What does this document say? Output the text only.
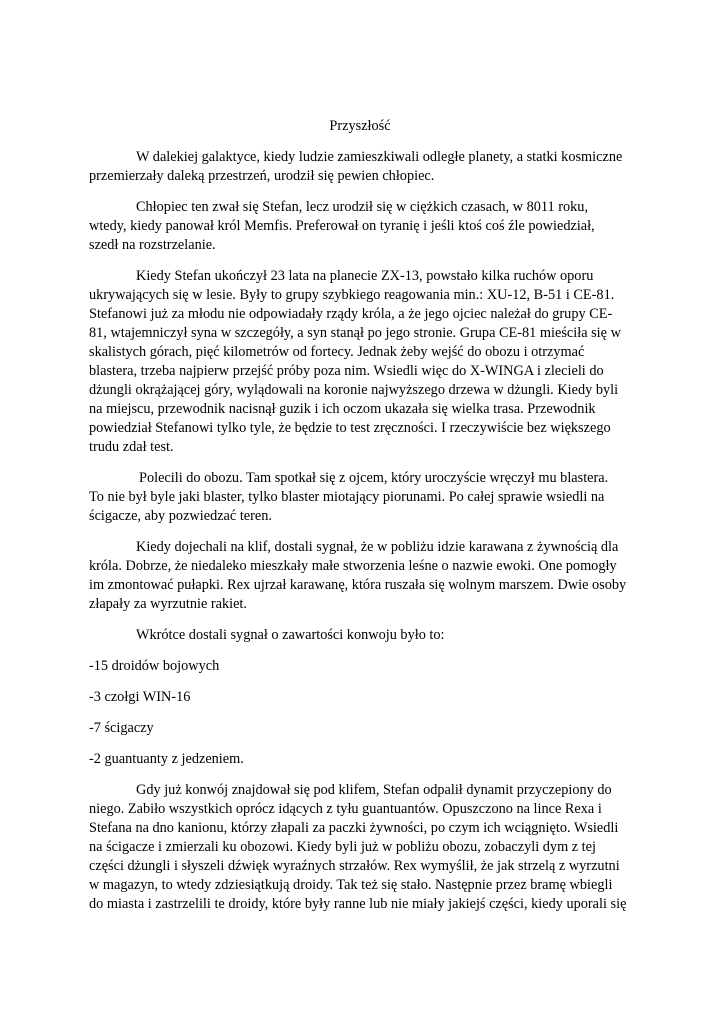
Przyszłość

W dalekiej galaktyce, kiedy ludzie zamieszkiwali odległe planety, a statki kosmiczne
przemierzały daleką przestrzeń, urodził się pewien chłopiec.

Chłopiec ten zwał się Stefan, lecz urodził się w ciężkich czasach, w 8011 roku,
wtedy, kiedy panował król Memfis. Preferował on tyranię i jeśli ktoś coś źle powiedział,
szedł na rozstrzelanie.

Kiedy Stefan ukończył 23 lata na planecie ZX-13, powstało kilka ruchów oporu
ukrywających się w lesie. Były to grupy szybkiego reagowania min.: XU-12, B-51 i CE-81.
Stefanowi już za młodu nie odpowiadały rządy króla, a że jego ojciec należał do grupy CE-
81, wtajemniczył syna w szczegóły, a syn stanął po jego stronie. Grupa CE-81 mieściła się w
skalistych górach, pięć kilometrów od fortecy. Jednak żeby wejść do obozu i otrzymać
blastera, trzeba najpierw przejść próby poza nim. Wsiedli więc do X-WINGA i zlecieli do
dżungli okrążającej góry, wylądowali na koronie najwyższego drzewa w dżungli. Kiedy byli
na miejscu, przewodnik nacisnął guzik i ich oczom ukazała się wielka trasa. Przewodnik
powiedział Stefanowi tylko tyle, że będzie to test zręczności. I rzeczywiście bez większego
trudu zdał test.

Polecili do obozu. Tam spotkał się z ojcem, który uroczyście wręczył mu blastera.
To nie był byle jaki blaster, tylko blaster miotający piorunami. Po całej sprawie wsiedli na
ścigacze, aby pozwiedzać teren.

Kiedy dojechali na klif, dostali sygnał, że w pobliżu idzie karawana z żywnością dla
króla. Dobrze, że niedaleko mieszkały małe stworzenia leśne o nazwie ewoki. One pomogły
im zmontować pułapki. Rex ujrzał karawanę, która ruszała się wolnym marszem. Dwie osoby
złapały za wyrzutnie rakiet.

Wkrótce dostali sygnał o zawartości konwoju było to:

-15 droidów bojowych
-3 czołgi WIN-16
-7 ścigaczy
-2 guantuanty z jedzeniem.

Gdy już konwój znajdował się pod klifem, Stefan odpalił dynamit przyczepiony do
niego. Zabiło wszystkich oprócz idących z tyłu guantuantów. Opuszczono na lince Rexa i
Stefana na dno kanionu, którzy złapali za paczki żywności, po czym ich wciągnięto. Wsiedli
na ścigacze i zmierzali ku obozowi. Kiedy byli już w pobliżu obozu, zobaczyli dym z tej
części dżungli i słyszeli dźwięk wyraźnych strzałów. Rex wymyślił, że jak strzelą z wyrzutni
w magazyn, to wtedy zdziesiątkują droidy. Tak też się stało. Następnie przez bramę wbiegli
do miasta i zastrzelili te droidy, które były ranne lub nie miały jakiejś części, kiedy uporali się
